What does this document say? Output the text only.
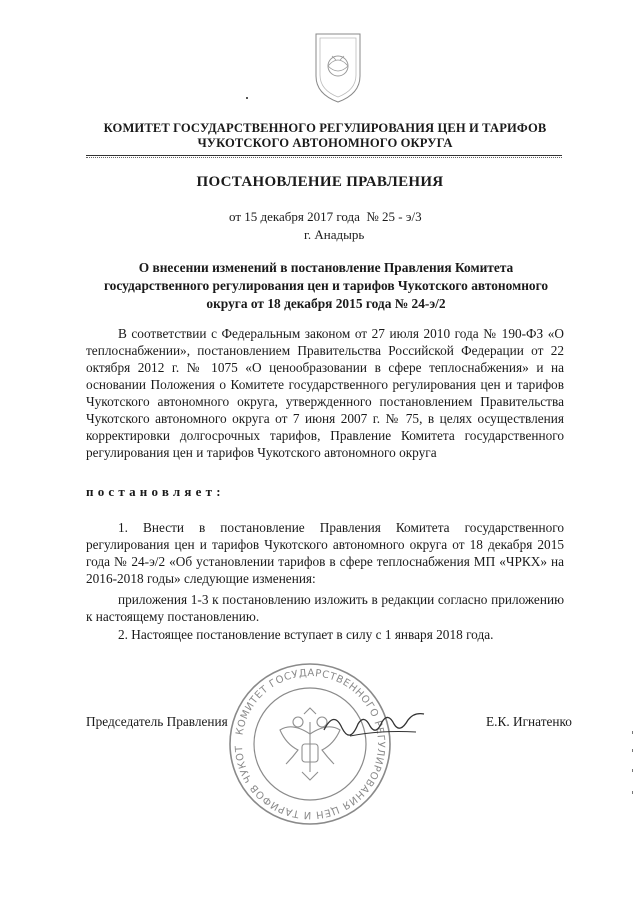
КОМИТЕТ ГОСУДАРСТВЕННОГО РЕГУЛИРОВАНИЯ ЦЕН И ТАРИФОВ
ЧУКОТСКОГО АВТОНОМНОГО ОКРУГА
ПОСТАНОВЛЕНИЕ ПРАВЛЕНИЯ
от 15 декабря 2017 года  № 25 - э/3
г. Анадырь
О внесении изменений в постановление Правления Комитета
государственного регулирования цен и тарифов Чукотского автономного
округа от 18 декабря 2015 года № 24-э/2
В соответствии с Федеральным законом от 27 июля 2010 года № 190-ФЗ «О теплоснабжении», постановлением Правительства Российской Федерации от 22 октября 2012 г. № 1075 «О ценообразовании в сфере теплоснабжения» и на основании Положения о Комитете государственного регулирования цен и тарифов Чукотского автономного округа, утвержденного постановлением Правительства Чукотского автономного округа от 7 июня 2007 г. № 75, в целях осуществления корректировки долгосрочных тарифов, Правление Комитета государственного регулирования цен и тарифов Чукотского автономного округа
постановляет:
1. Внести в постановление Правления Комитета государственного регулирования цен и тарифов Чукотского автономного округа от 18 декабря 2015 года № 24-э/2 «Об установлении тарифов в сфере теплоснабжения МП «ЧРКХ» на 2016-2018 годы» следующие изменения:
приложения 1-3 к постановлению изложить в редакции согласно приложению к настоящему постановлению.
2. Настоящее постановление вступает в силу с 1 января 2018 года.
КОМИТЕТ ГОСУДАРСТВЕННОГО РЕГУЛИРОВАНИЯ ЦЕН И ТАРИФОВ ЧУКОТ
Председатель Правления	Е.К. Игнатенко
